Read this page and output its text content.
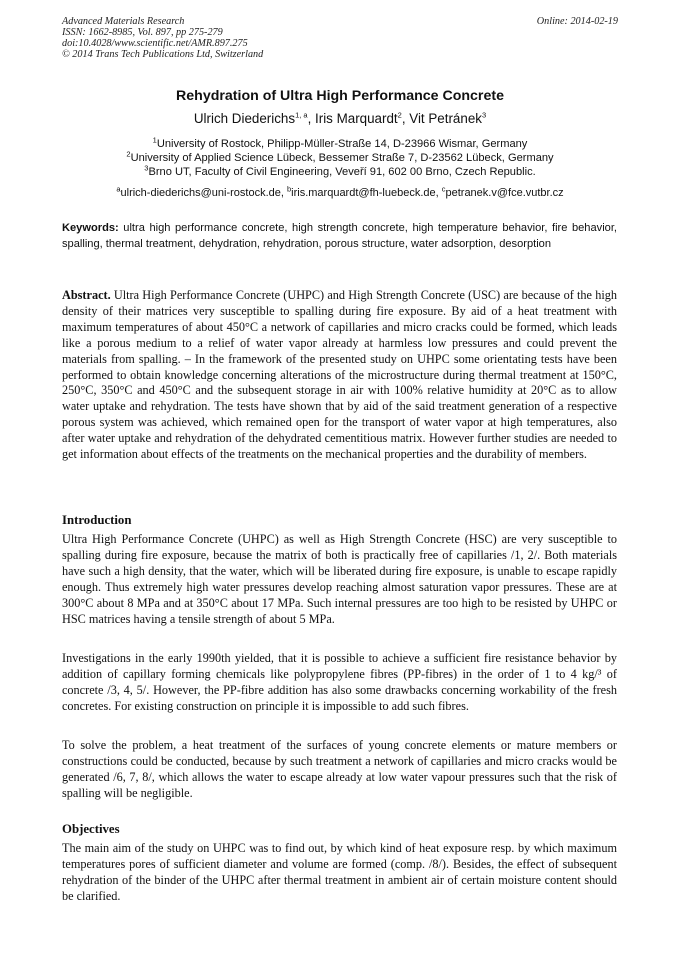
Advanced Materials Research
ISSN: 1662-8985, Vol. 897, pp 275-279
doi:10.4028/www.scientific.net/AMR.897.275
© 2014 Trans Tech Publications Ltd, Switzerland
Online: 2014-02-19
Rehydration of Ultra High Performance Concrete
Ulrich Diederichs$^{1, a}$, Iris Marquardt$^2$, Vit Petránek$^3$
$^1$University of Rostock, Philipp-Müller-Straße 14, D-23966 Wismar, Germany
$^2$University of Applied Science Lübeck, Bessemer Straße 7, D-23562 Lübeck, Germany
$^3$Brno UT, Faculty of Civil Engineering, Veveří 91, 602 00 Brno, Czech Republic.
$^a$ulrich-diederichs@uni-rostock.de, $^b$iris.marquardt@fh-luebeck.de, $^c$petranek.v@fce.vutbr.cz
Keywords: ultra high performance concrete, high strength concrete, high temperature behavior, fire behavior, spalling, thermal treatment, dehydration, rehydration, porous structure, water adsorption, desorption
Abstract. Ultra High Performance Concrete (UHPC) and High Strength Concrete (USC) are because of the high density of their matrices very susceptible to spalling during fire exposure. By aid of a heat treatment with maximum temperatures of about 450°C a network of capillaries and micro cracks could be formed, which leads like a porous medium to a relief of water vapor already at harmless low pressures and could prevent the materials from spalling. – In the framework of the presented study on UHPC some orientating tests have been performed to obtain knowledge concerning alterations of the microstructure during thermal treatment at 150°C, 250°C, 350°C and 450°C and the subsequent storage in air with 100% relative humidity at 20°C as to allow water uptake and rehydration. The tests have shown that by aid of the said treatment generation of a respective porous system was achieved, which remained open for the transport of water vapor at high temperatures, also after water uptake and rehydration of the dehydrated cementitious matrix. However further studies are needed to get information about effects of the treatments on the mechanical properties and the durability of members.
Introduction
Ultra High Performance Concrete (UHPC) as well as High Strength Concrete (HSC) are very susceptible to spalling during fire exposure, because the matrix of both is practically free of capillaries /1, 2/. Both materials have such a high density, that the water, which will be liberated during fire exposure, is unable to escape rapidly enough. Thus extremely high water pressures develop reaching almost saturation vapor pressures. These are at 300°C about 8 MPa and at 350°C about 17 MPa. Such internal pressures are too high to be resisted by UHPC or HSC matrices having a tensile strength of about 5 MPa.
Investigations in the early 1990th yielded, that it is possible to achieve a sufficient fire resistance behavior by addition of capillary forming chemicals like polypropylene fibres (PP-fibres) in the order of 1 to 4 kg/³ of concrete /3, 4, 5/. However, the PP-fibre addition has also some drawbacks concerning workability of the fresh concretes. For existing construction on principle it is impossible to add such fibres.
To solve the problem, a heat treatment of the surfaces of young concrete elements or mature members or constructions could be conducted, because by such treatment a network of capillaries and micro cracks would be generated /6, 7, 8/, which allows the water to escape already at low water vapour pressures such that the risk of spalling will be negligible.
Objectives
The main aim of the study on UHPC was to find out, by which kind of heat exposure resp. by which maximum temperatures pores of sufficient diameter and volume are formed (comp. /8/). Besides, the effect of subsequent rehydration of the binder of the UHPC after thermal treatment in ambient air of certain moisture content should be clarified.
